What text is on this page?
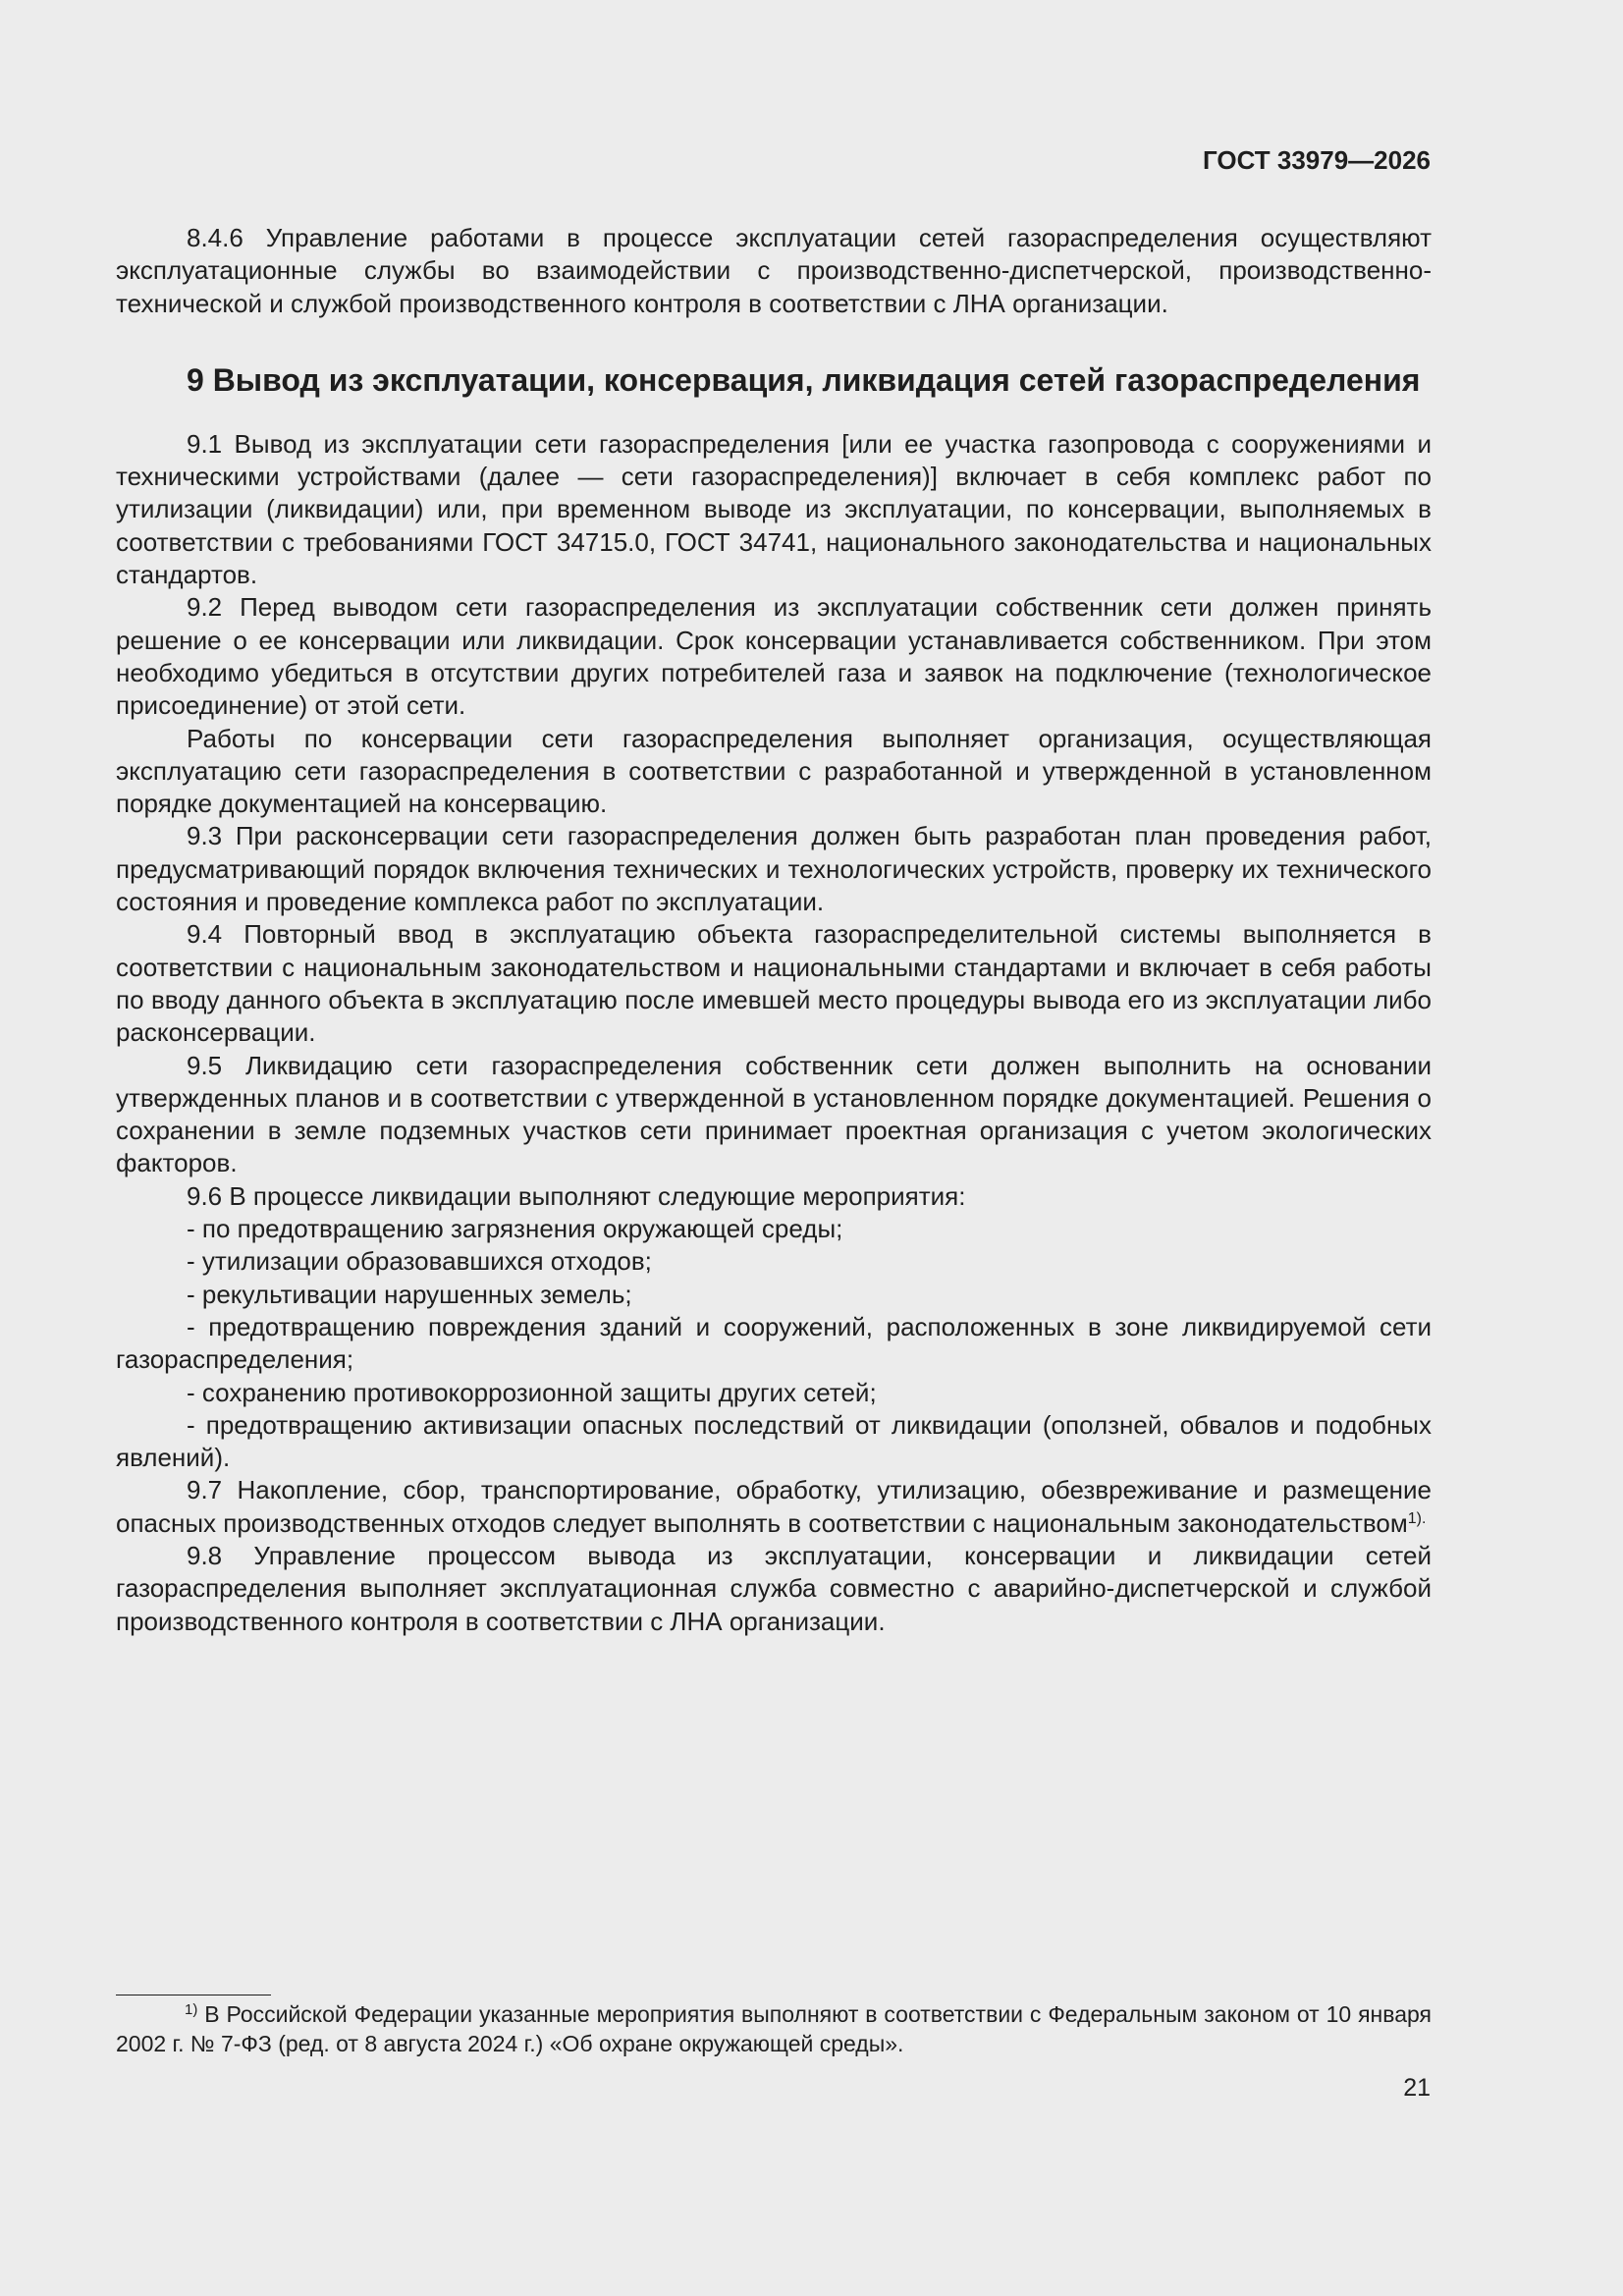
ГОСТ 33979—2026

8.4.6 Управление работами в процессе эксплуатации сетей газораспределения осуществляют эксплуатационные службы во взаимодействии с производственно-диспетчерской, производственно-технической и службой производственного контроля в соответствии с ЛНА организации.

9 Вывод из эксплуатации, консервация, ликвидация сетей газораспределения

9.1 Вывод из эксплуатации сети газораспределения [или ее участка газопровода с сооружениями и техническими устройствами (далее — сети газораспределения)] включает в себя комплекс работ по утилизации (ликвидации) или, при временном выводе из эксплуатации, по консервации, выполняемых в соответствии с требованиями ГОСТ 34715.0, ГОСТ 34741, национального законодательства и национальных стандартов.

9.2 Перед выводом сети газораспределения из эксплуатации собственник сети должен принять решение о ее консервации или ликвидации. Срок консервации устанавливается собственником. При этом необходимо убедиться в отсутствии других потребителей газа и заявок на подключение (технологическое присоединение) от этой сети.

Работы по консервации сети газораспределения выполняет организация, осуществляющая эксплуатацию сети газораспределения в соответствии с разработанной и утвержденной в установленном порядке документацией на консервацию.

9.3 При расконсервации сети газораспределения должен быть разработан план проведения работ, предусматривающий порядок включения технических и технологических устройств, проверку их технического состояния и проведение комплекса работ по эксплуатации.

9.4 Повторный ввод в эксплуатацию объекта газораспределительной системы выполняется в соответствии с национальным законодательством и национальными стандартами и включает в себя работы по вводу данного объекта в эксплуатацию после имевшей место процедуры вывода его из эксплуатации либо расконсервации.

9.5 Ликвидацию сети газораспределения собственник сети должен выполнить на основании утвержденных планов и в соответствии с утвержденной в установленном порядке документацией. Решения о сохранении в земле подземных участков сети принимает проектная организация с учетом экологических факторов.

9.6 В процессе ликвидации выполняют следующие мероприятия:

- по предотвращению загрязнения окружающей среды;

- утилизации образовавшихся отходов;

- рекультивации нарушенных земель;

- предотвращению повреждения зданий и сооружений, расположенных в зоне ликвидируемой сети газораспределения;

- сохранению противокоррозионной защиты других сетей;

- предотвращению активизации опасных последствий от ликвидации (оползней, обвалов и подобных явлений).

9.7 Накопление, сбор, транспортирование, обработку, утилизацию, обезвреживание и размещение опасных производственных отходов следует выполнять в соответствии с национальным законодательством$^{1).}$

9.8 Управление процессом вывода из эксплуатации, консервации и ликвидации сетей газораспределения выполняет эксплуатационная служба совместно с аварийно-диспетчерской и службой производственного контроля в соответствии с ЛНА организации.

$^{1)}$ В Российской Федерации указанные мероприятия выполняют в соответствии с Федеральным законом от 10 января 2002 г. № 7-ФЗ (ред. от 8 августа 2024 г.) «Об охране окружающей среды».
21
